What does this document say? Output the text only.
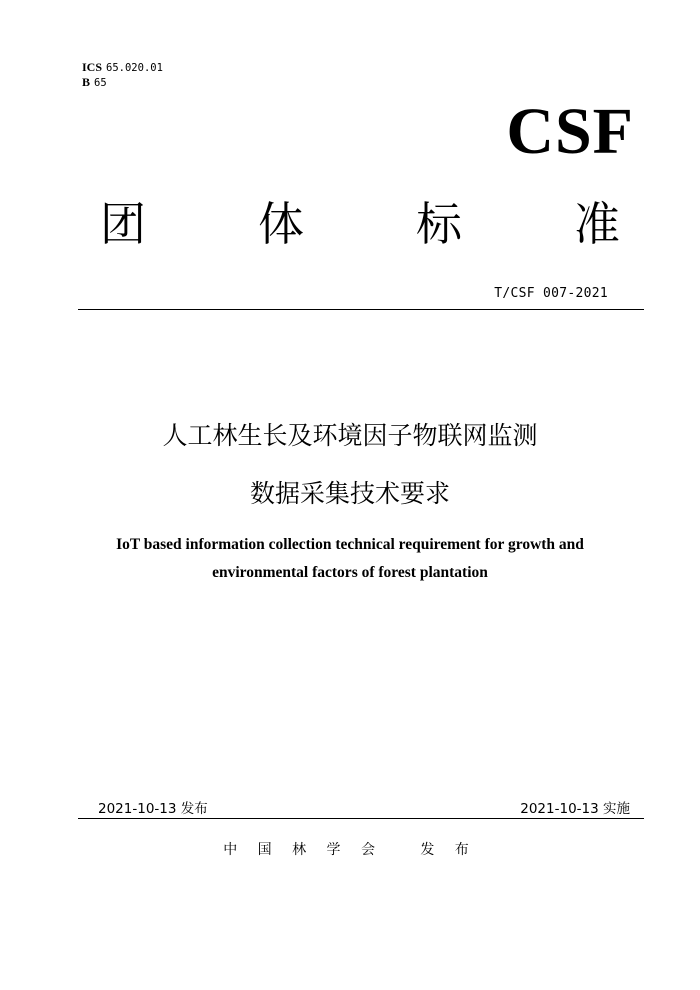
ICS 65.020.01
B 65
CSF
团 体 标 准
T/CSF 007-2021
人工林生长及环境因子物联网监测
数据采集技术要求
IoT based information collection technical requirement for growth and
environmental factors of forest plantation
2021-10-13 发布	2021-10-13 实施
中 国 林 学 会   发 布
